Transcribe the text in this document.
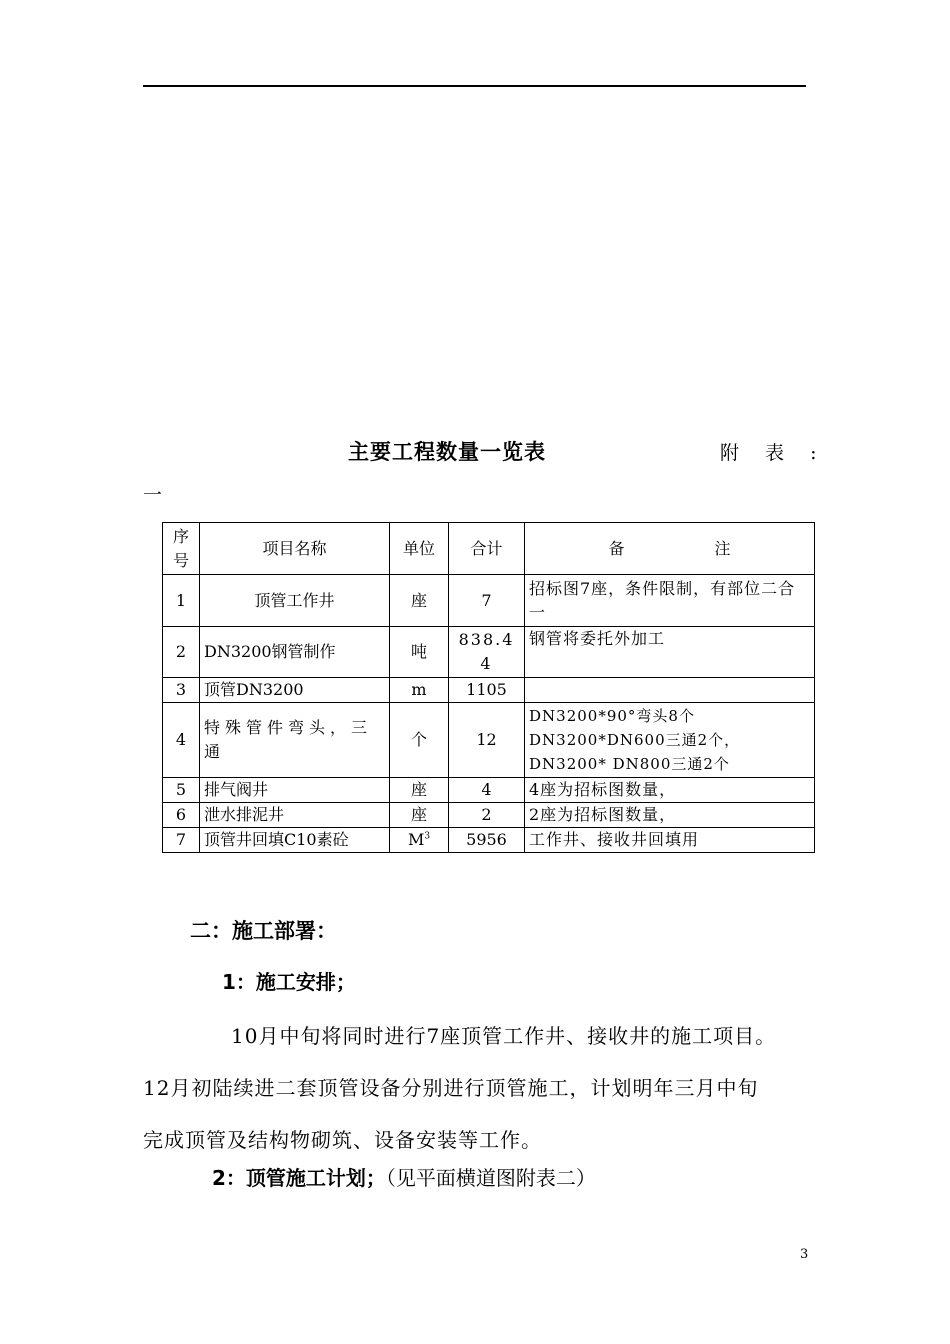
主要工程数量一览表	附 表 :
一
序号	项目名称	单位	合计	备 注
1	顶管工作井	座	7	招标图7座，条件限制，有部位二合一
2	DN3200钢管制作	吨	838.44	钢管将委托外加工
3	顶管DN3200	m	1105	
4	特殊管件弯头，三通	个	12	DN3200*90°弯头8个 DN3200*DN600三通2个，DN3200* DN800三通2个
5	排气阀井	座	4	4座为招标图数量，
6	泄水排泥井	座	2	2座为招标图数量，
7	顶管井回填C10素砼	$M^3$	5956	工作井、接收井回填用
二：施工部署：
1：施工安排；
10月中旬将同时进行7座顶管工作井、接收井的施工项目。
12月初陆续进二套顶管设备分别进行顶管施工，计划明年三月中旬
完成顶管及结构物砌筑、设备安装等工作。
2：顶管施工计划；（见平面横道图附表二）
3
